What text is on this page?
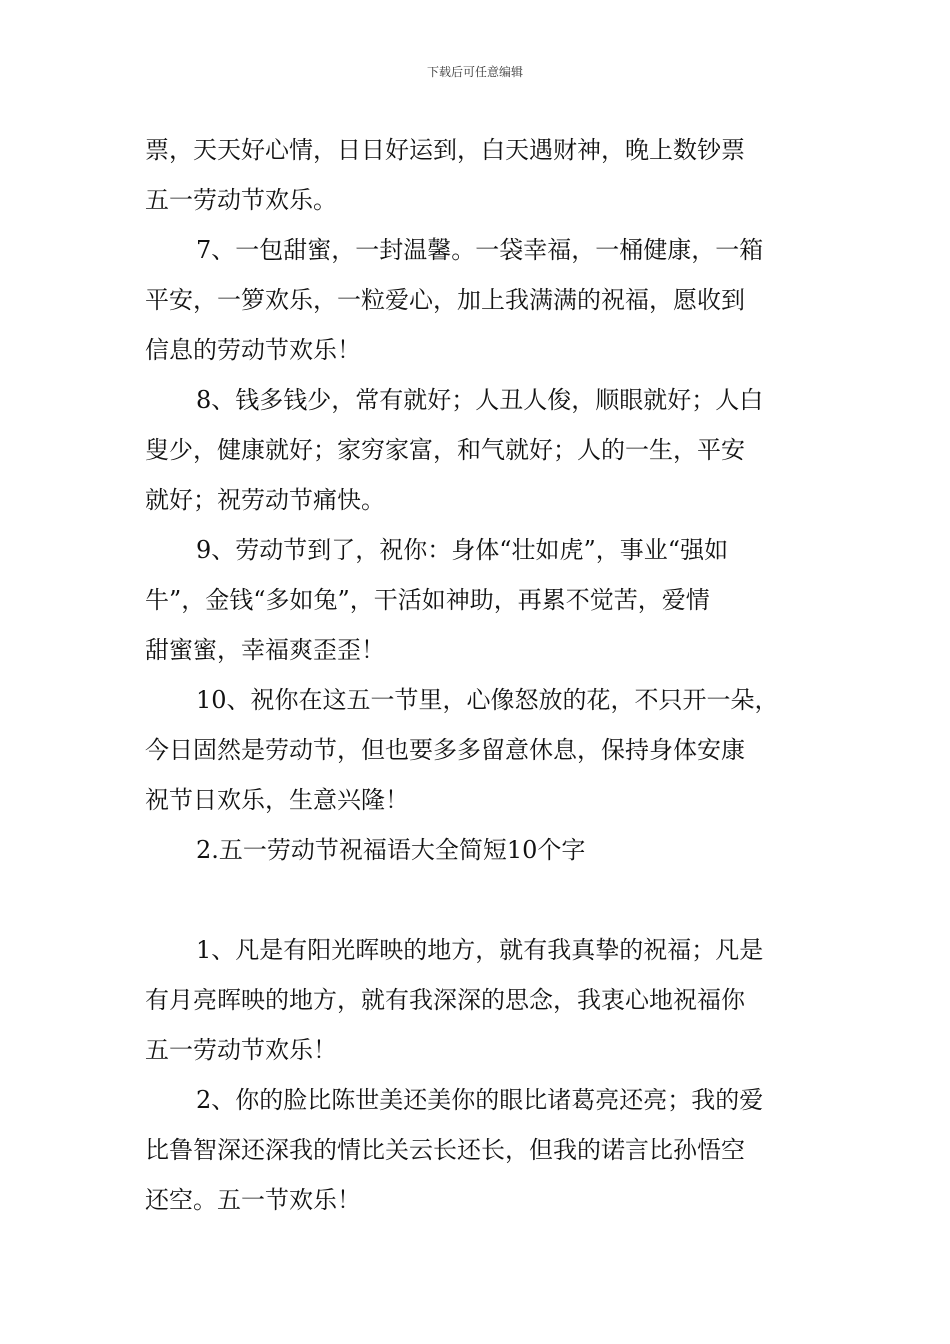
下载后可任意编辑
票，天天好心情，日日好运到，白天遇财神，晚上数钞票
五一劳动节欢乐。
7、一包甜蜜，一封温馨。一袋幸福，一桶健康，一箱
平安，一箩欢乐，一粒爱心，加上我满满的祝福，愿收到
信息的劳动节欢乐！
8、钱多钱少，常有就好；人丑人俊，顺眼就好；人白
叟少，健康就好；家穷家富，和气就好；人的一生，平安
就好；祝劳动节痛快。
9、劳动节到了，祝你：身体“壮如虎”，事业“强如
牛”，金钱“多如兔”，干活如神助，再累不觉苦，爱情
甜蜜蜜，幸福爽歪歪！
10、祝你在这五一节里，心像怒放的花，不只开一朵，
今日固然是劳动节，但也要多多留意休息，保持身体安康
祝节日欢乐，生意兴隆！
2.五一劳动节祝福语大全简短10个字
1、凡是有阳光晖映的地方，就有我真挚的祝福；凡是
有月亮晖映的地方，就有我深深的思念，我衷心地祝福你
五一劳动节欢乐！
2、你的脸比陈世美还美你的眼比诸葛亮还亮；我的爱
比鲁智深还深我的情比关云长还长，但我的诺言比孙悟空
还空。五一节欢乐！
